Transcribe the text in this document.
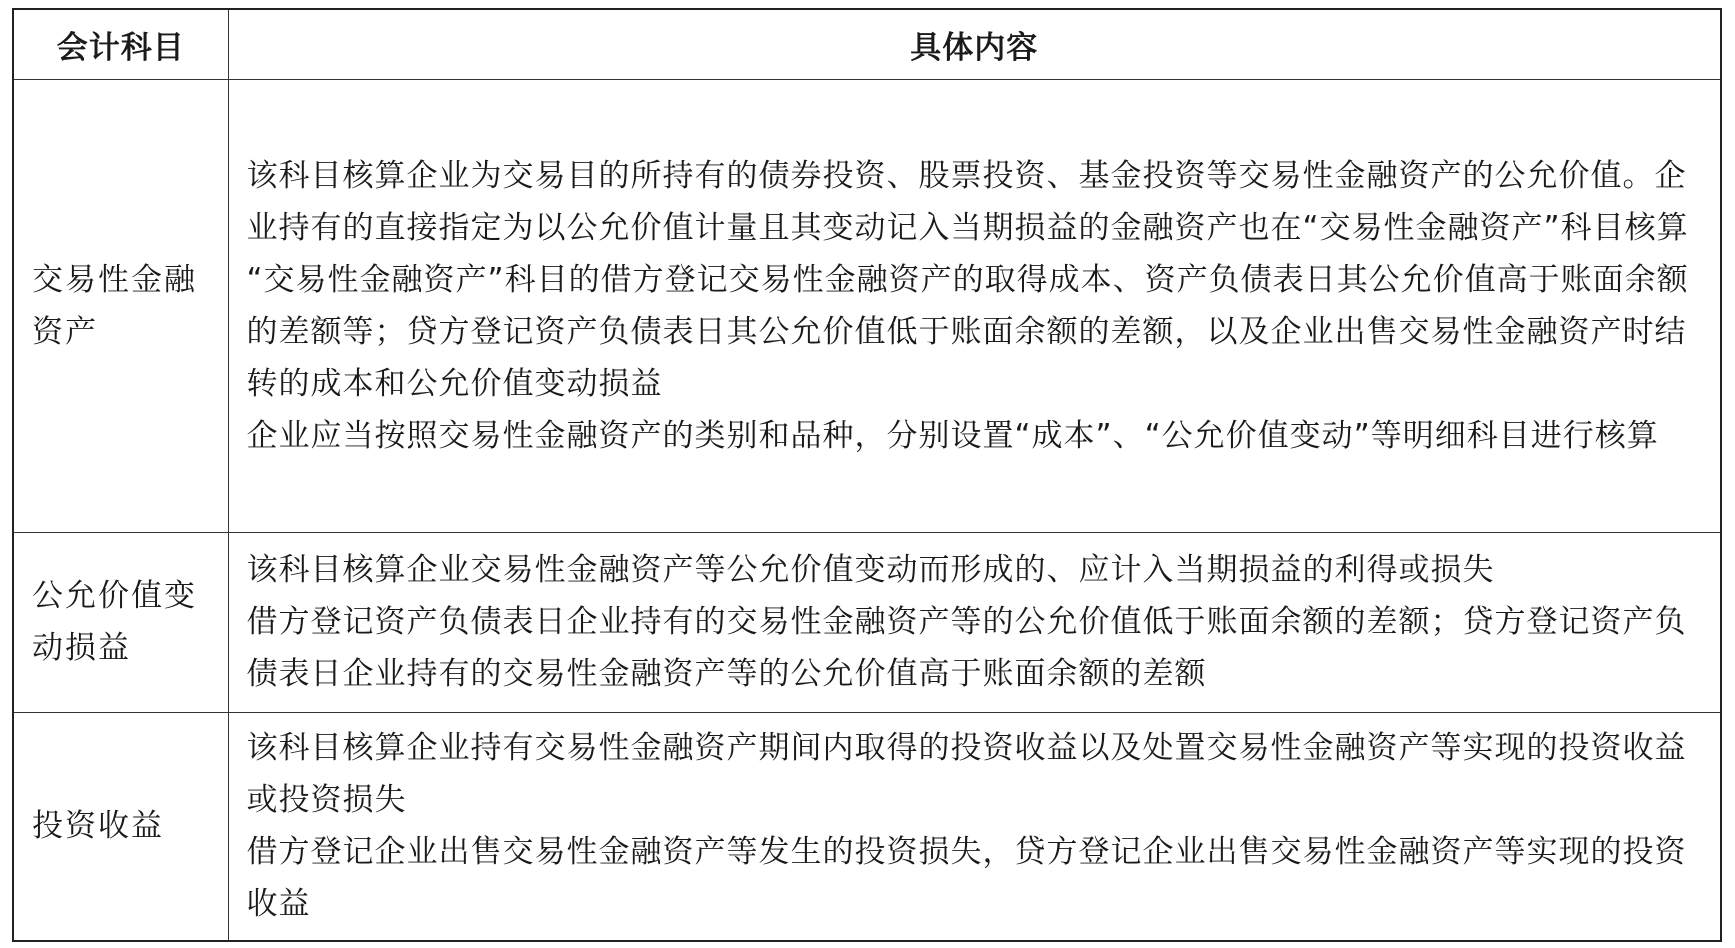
会计科目	具体内容
交易性金融资产	该科目核算企业为交易目的所持有的债券投资、股票投资、基金投资等交易性金融资产的公允价值。企业持有的直接指定为以公允价值计量且其变动记入当期损益的金融资产也在“交易性金融资产”科目核算
“交易性金融资产”科目的借方登记交易性金融资产的取得成本、资产负债表日其公允价值高于账面余额的差额等；贷方登记资产负债表日其公允价值低于账面余额的差额，以及企业出售交易性金融资产时结转的成本和公允价值变动损益
企业应当按照交易性金融资产的类别和品种，分别设置“成本”、“公允价值变动”等明细科目进行核算

公允价值变动损益	该科目核算企业交易性金融资产等公允价值变动而形成的、应计入当期损益的利得或损失
借方登记资产负债表日企业持有的交易性金融资产等的公允价值低于账面余额的差额；贷方登记资产负债表日企业持有的交易性金融资产等的公允价值高于账面余额的差额

投资收益	该科目核算企业持有交易性金融资产期间内取得的投资收益以及处置交易性金融资产等实现的投资收益或投资损失
借方登记企业出售交易性金融资产等发生的投资损失，贷方登记企业出售交易性金融资产等实现的投资收益
